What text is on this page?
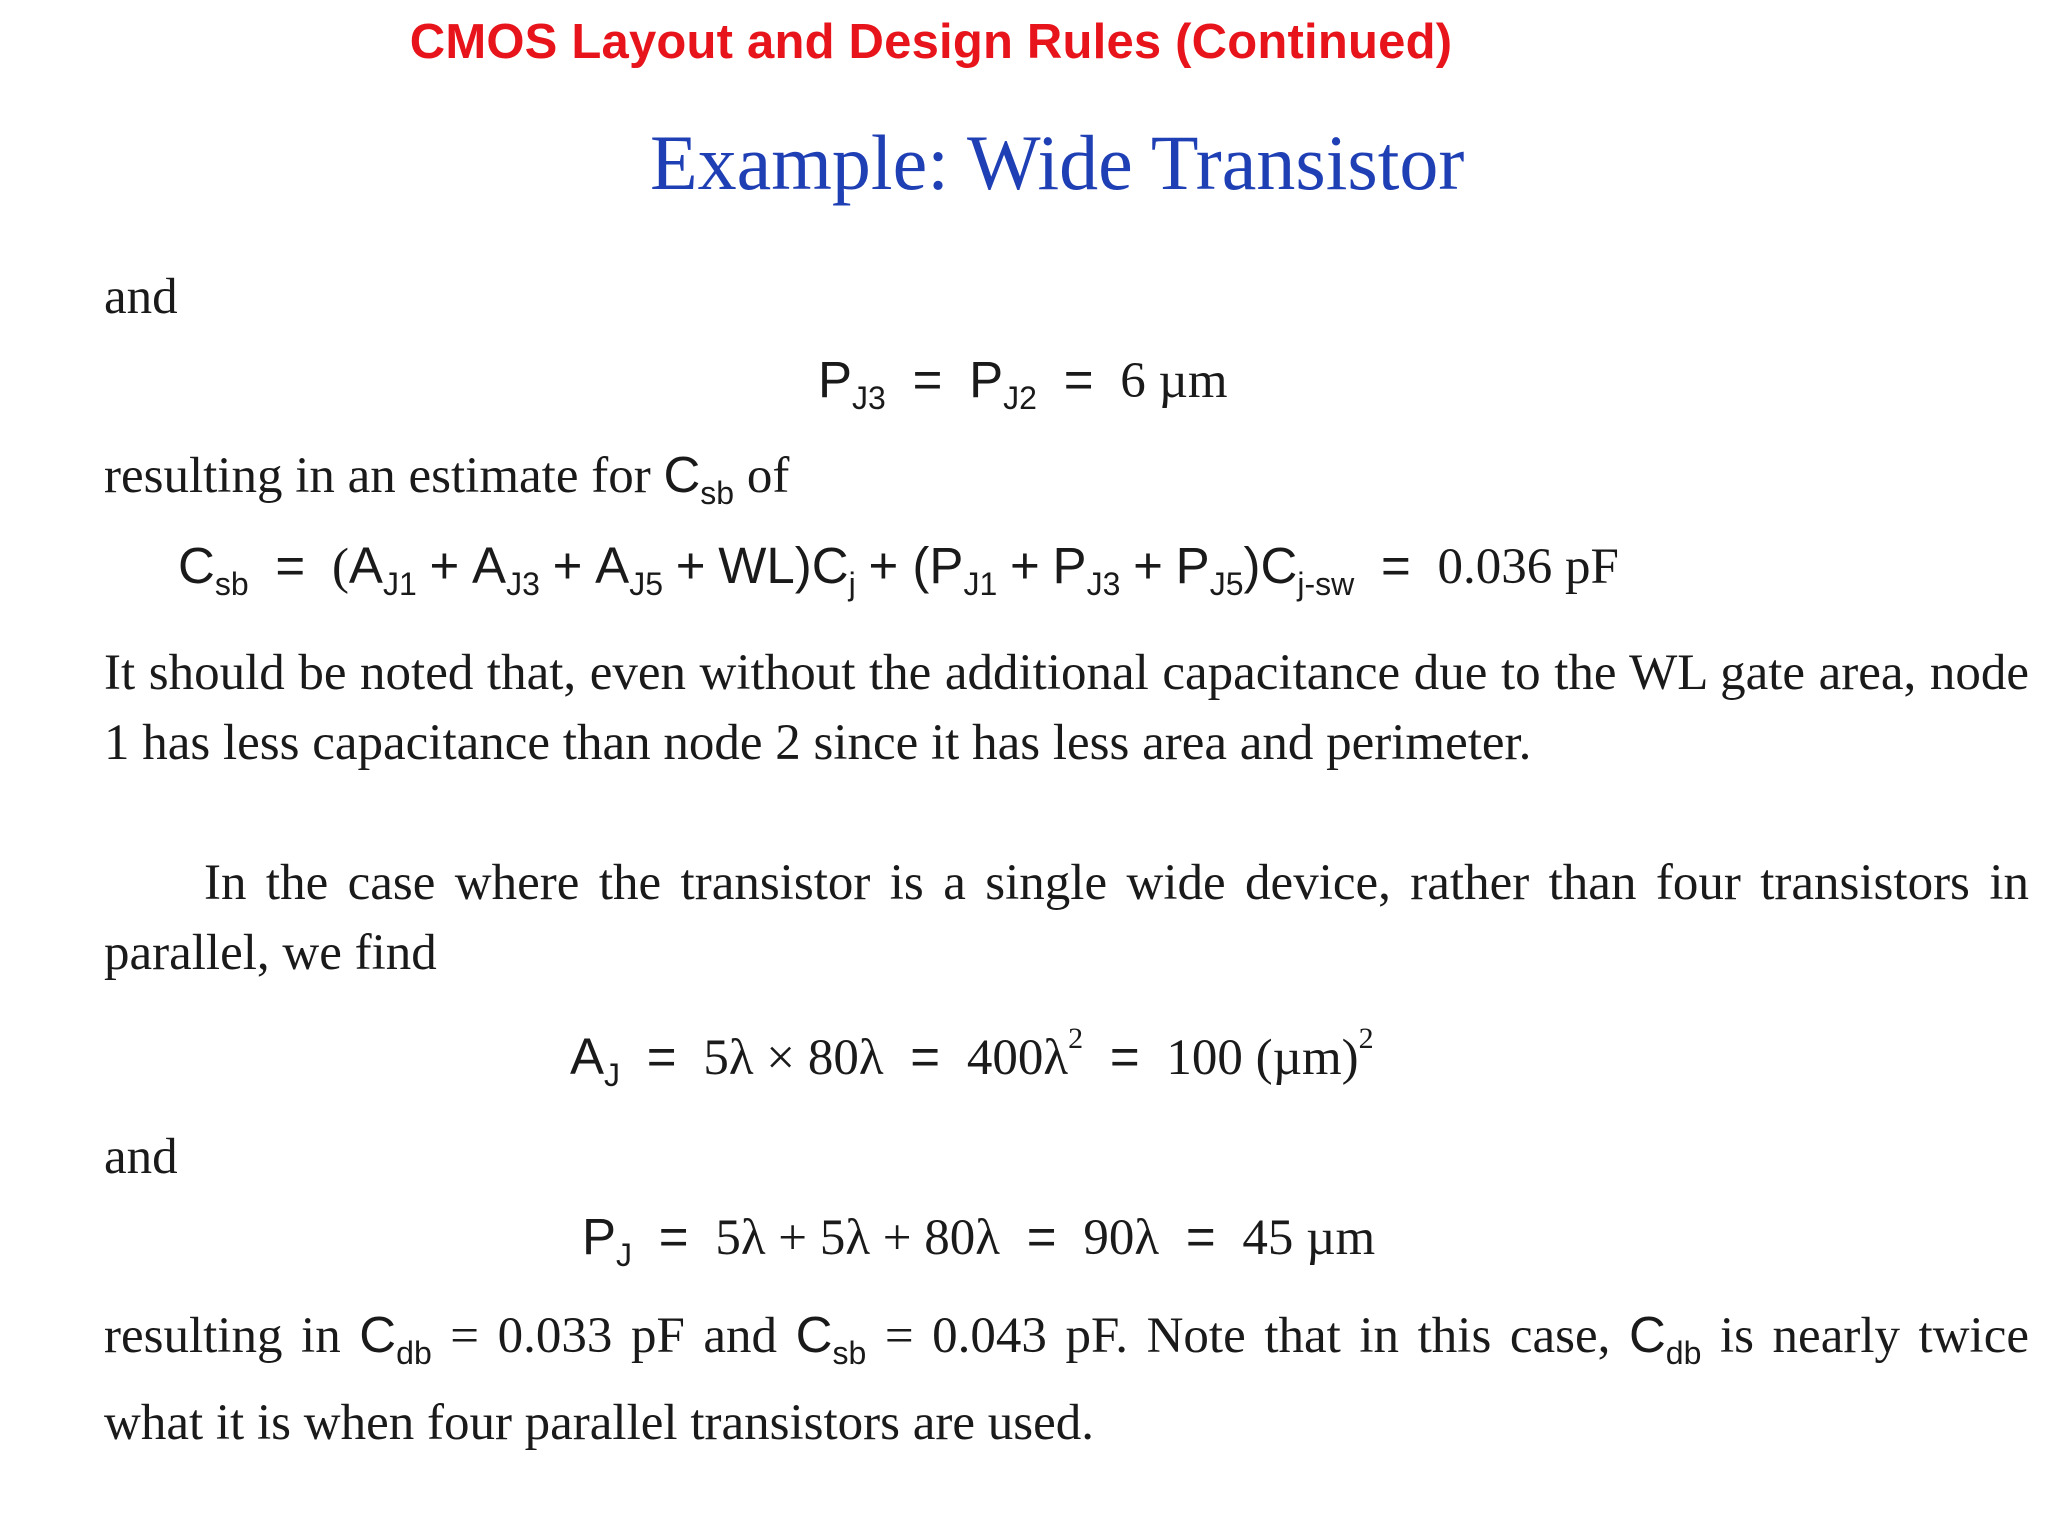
CMOS Layout and Design Rules (Continued)
Example: Wide Transistor
and
$P_{J3} = P_{J2} = 6$ µm
resulting in an estimate for $C_{sb}$ of
$C_{sb} = (A_{J1} + A_{J3} + A_{J5} + WL)C_j + (P_{J1} + P_{J3} + P_{J5})C_{j-sw} = 0.036$ pF
It should be noted that, even without the additional capacitance due to the WL gate area, node 1 has less capacitance than node 2 since it has less area and perimeter.
In the case where the transistor is a single wide device, rather than four transistors in parallel, we find
$A_J = 5\lambda \times 80\lambda = 400\lambda^2 = 100$ $(\mu m)^2$
and
$P_J = 5\lambda + 5\lambda + 80\lambda = 90\lambda = 45$ µm
resulting in $C_{db} = 0.033$ pF and $C_{sb} = 0.043$ pF. Note that in this case, $C_{db}$ is nearly twice what it is when four parallel transistors are used.
